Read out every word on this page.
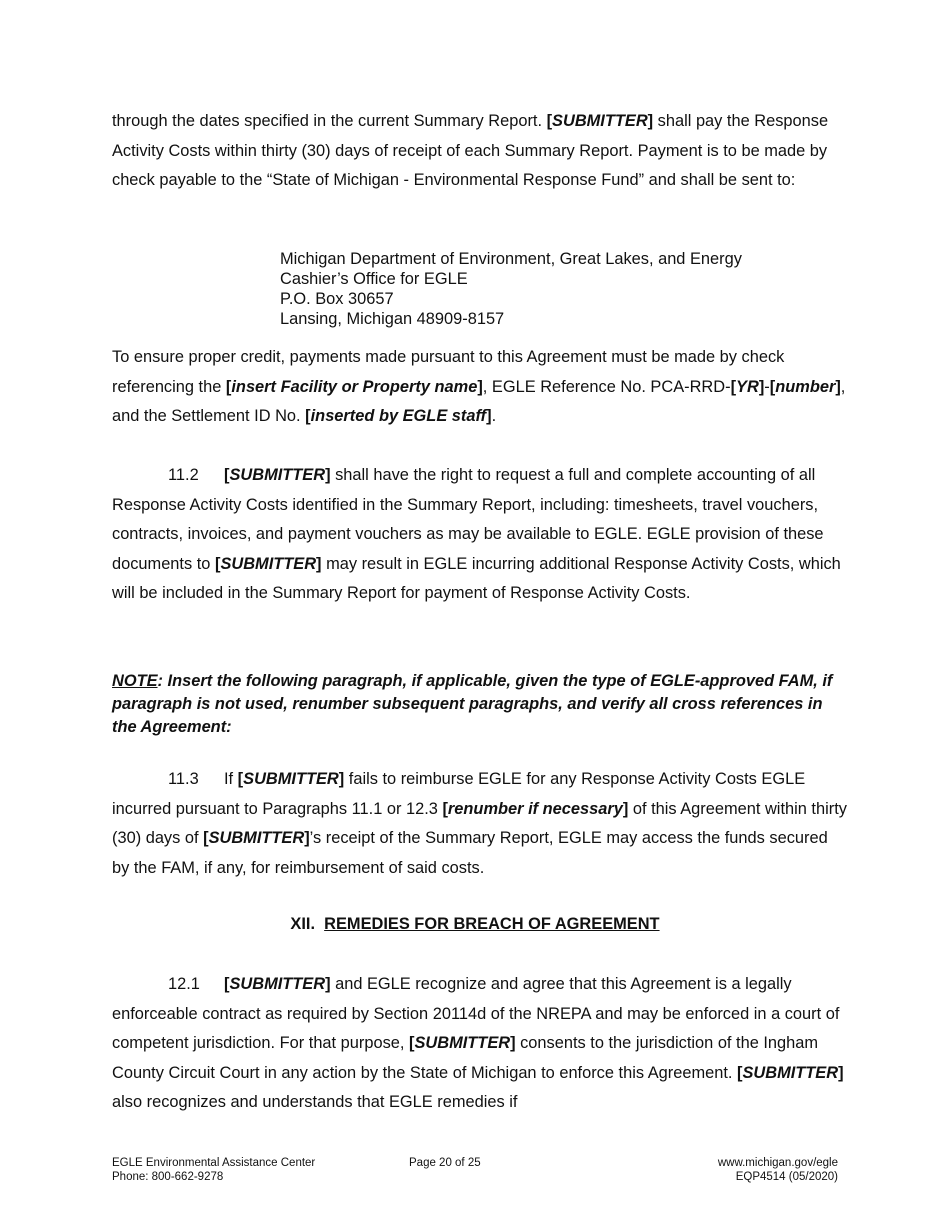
through the dates specified in the current Summary Report. [SUBMITTER] shall pay the Response Activity Costs within thirty (30) days of receipt of each Summary Report. Payment is to be made by check payable to the “State of Michigan - Environmental Response Fund” and shall be sent to:

Michigan Department of Environment, Great Lakes, and Energy
Cashier’s Office for EGLE
P.O. Box 30657
Lansing, Michigan 48909-8157

To ensure proper credit, payments made pursuant to this Agreement must be made by check referencing the [insert Facility or Property name], EGLE Reference No. PCA-RRD-[YR]-[number], and the Settlement ID No. [inserted by EGLE staff].

11.2 [SUBMITTER] shall have the right to request a full and complete accounting of all Response Activity Costs identified in the Summary Report, including: timesheets, travel vouchers, contracts, invoices, and payment vouchers as may be available to EGLE. EGLE provision of these documents to [SUBMITTER] may result in EGLE incurring additional Response Activity Costs, which will be included in the Summary Report for payment of Response Activity Costs.

NOTE: Insert the following paragraph, if applicable, given the type of EGLE-approved FAM, if paragraph is not used, renumber subsequent paragraphs, and verify all cross references in the Agreement:

11.3 If [SUBMITTER] fails to reimburse EGLE for any Response Activity Costs EGLE incurred pursuant to Paragraphs 11.1 or 12.3 [renumber if necessary] of this Agreement within thirty (30) days of [SUBMITTER]’s receipt of the Summary Report, EGLE may access the funds secured by the FAM, if any, for reimbursement of said costs.

XII. REMEDIES FOR BREACH OF AGREEMENT

12.1 [SUBMITTER] and EGLE recognize and agree that this Agreement is a legally enforceable contract as required by Section 20114d of the NREPA and may be enforced in a court of competent jurisdiction. For that purpose, [SUBMITTER] consents to the jurisdiction of the Ingham County Circuit Court in any action by the State of Michigan to enforce this Agreement. [SUBMITTER] also recognizes and understands that EGLE remedies if

EGLE Environmental Assistance Center
Phone: 800-662-9278
Page 20 of 25	www.michigan.gov/egle
EQP4514 (05/2020)
